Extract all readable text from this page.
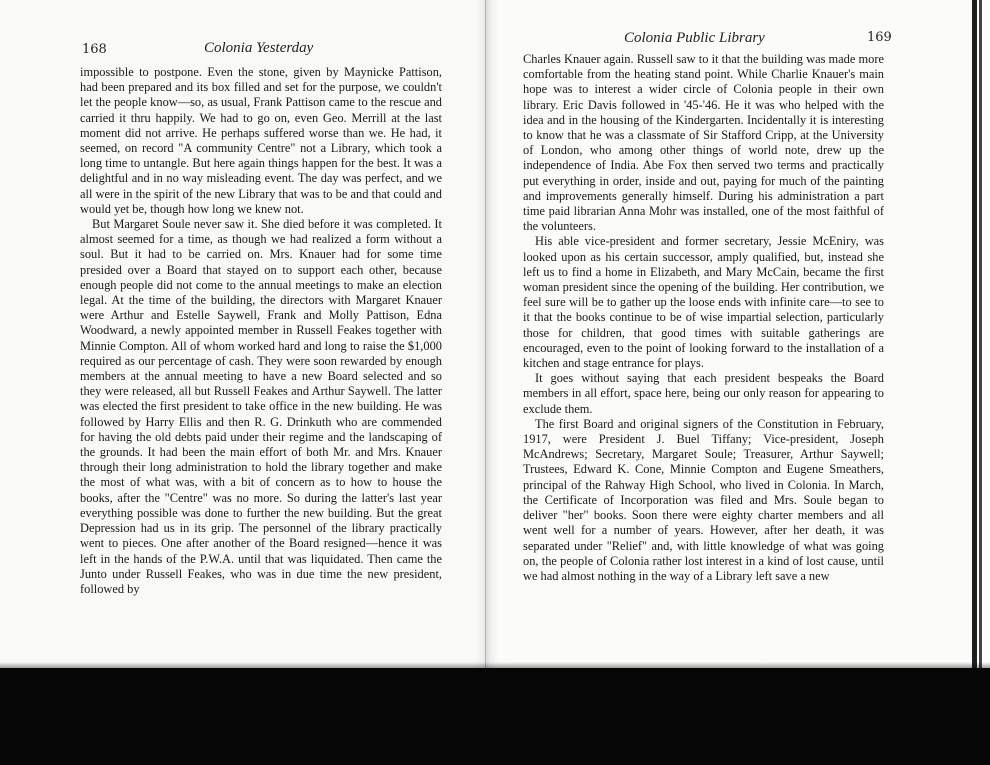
168	Colonia Yesterday

impossible to postpone. Even the stone, given by Maynicke Pattison, had been prepared and its box filled and set for the purpose, we couldn't let the people know—so, as usual, Frank Pattison came to the rescue and carried it thru happily. We had to go on, even Geo. Merrill at the last moment did not arrive. He perhaps suffered worse than we. He had, it seemed, on record "A community Centre" not a Library, which took a long time to untangle. But here again things happen for the best. It was a delightful and in no way misleading event. The day was perfect, and we all were in the spirit of the new Library that was to be and that could and would yet be, though how long we knew not.

But Margaret Soule never saw it. She died before it was completed. It almost seemed for a time, as though we had realized a form without a soul. But it had to be carried on. Mrs. Knauer had for some time presided over a Board that stayed on to support each other, because enough people did not come to the annual meetings to make an election legal. At the time of the building, the directors with Margaret Knauer were Arthur and Estelle Saywell, Frank and Molly Pattison, Edna Woodward, a newly appointed member in Russell Feakes together with Minnie Compton. All of whom worked hard and long to raise the $1,000 required as our percentage of cash. They were soon rewarded by enough members at the annual meeting to have a new Board selected and so they were released, all but Russell Feakes and Arthur Saywell. The latter was elected the first president to take office in the new building. He was followed by Harry Ellis and then R. G. Drinkuth who are commended for having the old debts paid under their regime and the landscaping of the grounds. It had been the main effort of both Mr. and Mrs. Knauer through their long administration to hold the library together and make the most of what was, with a bit of concern as to how to house the books, after the "Centre" was no more. So during the latter's last year everything possible was done to further the new building. But the great Depression had us in its grip. The personnel of the library practically went to pieces. One after another of the Board resigned—hence it was left in the hands of the P.W.A. until that was liquidated. Then came the Junto under Russell Feakes, who was in due time the new president, followed by

Colonia Public Library	169

Charles Knauer again. Russell saw to it that the building was made more comfortable from the heating stand point. While Charlie Knauer's main hope was to interest a wider circle of Colonia people in their own library. Eric Davis followed in '45-'46. He it was who helped with the idea and in the housing of the Kindergarten. Incidentally it is interesting to know that he was a classmate of Sir Stafford Cripp, at the University of London, who among other things of world note, drew up the independence of India. Abe Fox then served two terms and practically put everything in order, inside and out, paying for much of the painting and improvements generally himself. During his administration a part time paid librarian Anna Mohr was installed, one of the most faithful of the volunteers.

His able vice-president and former secretary, Jessie McEniry, was looked upon as his certain successor, amply qualified, but, instead she left us to find a home in Elizabeth, and Mary McCain, became the first woman president since the opening of the building. Her contribution, we feel sure will be to gather up the loose ends with infinite care—to see to it that the books continue to be of wise impartial selection, particularly those for children, that good times with suitable gatherings are encouraged, even to the point of looking forward to the installation of a kitchen and stage entrance for plays.

It goes without saying that each president bespeaks the Board members in all effort, space here, being our only reason for appearing to exclude them.

The first Board and original signers of the Constitution in February, 1917, were President J. Buel Tiffany; Vice-president, Joseph McAndrews; Secretary, Margaret Soule; Treasurer, Arthur Saywell; Trustees, Edward K. Cone, Minnie Compton and Eugene Smeathers, principal of the Rahway High School, who lived in Colonia. In March, the Certificate of Incorporation was filed and Mrs. Soule began to deliver "her" books. Soon there were eighty charter members and all went well for a number of years. However, after her death, it was separated under "Relief" and, with little knowledge of what was going on, the people of Colonia rather lost interest in a kind of lost cause, until we had almost nothing in the way of a Library left save a new
